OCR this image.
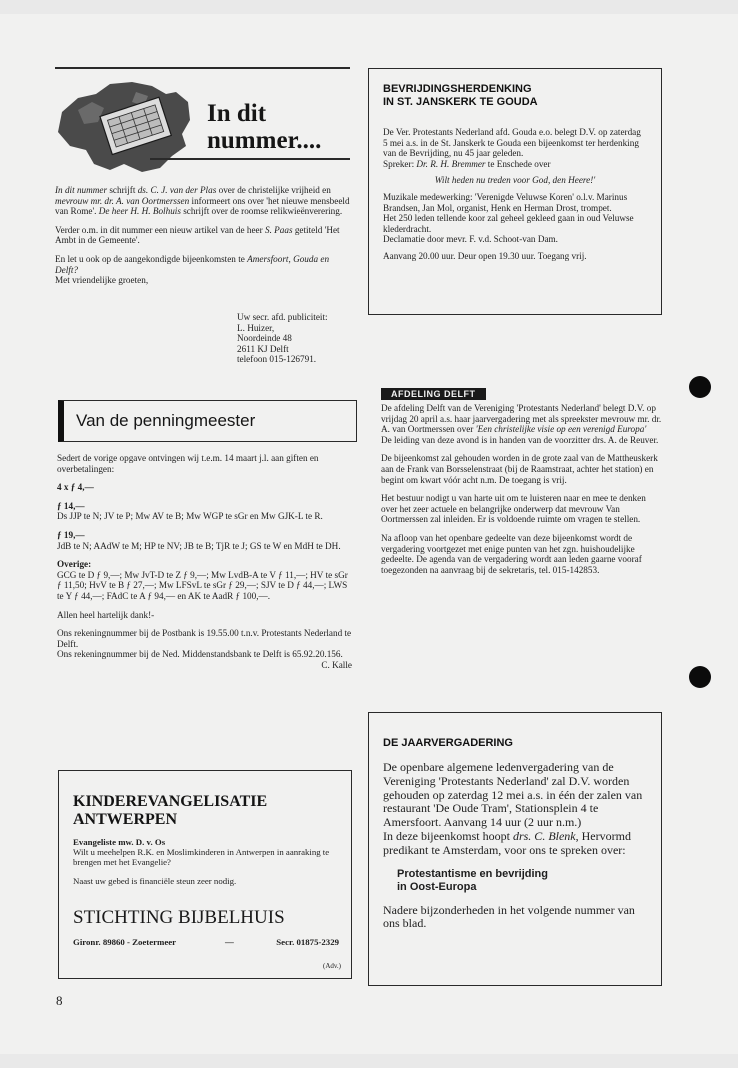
In dit
nummer....

In dit nummer schrijft ds. C. J. van der Plas over de christelijke vrijheid en mevrouw mr. dr. A. van Oortmerssen informeert ons over 'het nieuwe mensbeeld van Rome'. De heer H. H. Bolhuis schrijft over de roomse relikwieënverering.

Verder o.m. in dit nummer een nieuw artikel van de heer S. Paas getiteld 'Het Ambt in de Gemeente'.

En let u ook op de aangekondigde bijeenkomsten te Amersfoort, Gouda en Delft?
Met vriendelijke groeten,

Uw secr. afd. publiciteit:
L. Huizer,
Noordeinde 48
2611 KJ Delft
telefoon 015-126791.
BEVRIJDINGSHERDENKING
IN ST. JANSKERK TE GOUDA

De Ver. Protestants Nederland afd. Gouda e.o. belegt D.V. op zaterdag 5 mei a.s. in de St. Janskerk te Gouda een bijeenkomst ter herdenking van de Bevrijding, nu 45 jaar geleden.

Spreker: Dr. R. H. Bremmer te Enschede over

Wilt heden nu treden voor God, den Heere!'

Muzikale medewerking: 'Verenigde Veluwse Koren' o.l.v. Marinus Brandsen, Jan Mol, organist, Henk en Herman Drost, trompet.

Het 250 leden tellende koor zal geheel gekleed gaan in oud Veluwse klederdracht.

Declamatie door mevr. F. v.d. Schoot-van Dam.

Aanvang 20.00 uur. Deur open 19.30 uur. Toegang vrij.

Van de penningmeester

Sedert de vorige opgave ontvingen wij t.e.m. 14 maart j.l. aan giften en overbetalingen:

4 x ƒ 4,—

ƒ 14,—

Ds JJP te N; JV te P; Mw AV te B; Mw WGP te sGr en Mw GJK-L te R.

ƒ 19,—

JdB te N; AAdW te M; HP te NV; JB te B; TjR te J; GS te W en MdH te DH.

Overige:

GCG te D ƒ 9,—; Mw JvT-D te Z ƒ 9,—; Mw LvdB-A te V ƒ 11,—; HV te sGr ƒ 11,50; HvV te B ƒ 27,—; Mw LFSvL te sGr ƒ 29,—; SJV te D ƒ 44,—; LWS te Y ƒ 44,—; FAdC te A ƒ 94,— en AK te AadR ƒ 100,—.

Allen heel hartelijk dank!-

Ons rekeningnummer bij de Postbank is 19.55.00 t.n.v. Protestants Nederland te Delft.

Ons rekeningnummer bij de Ned. Middenstandsbank te Delft is 65.92.20.156.

C. Kalle

AFDELING DELFT

De afdeling Delft van de Vereniging 'Protestants Nederland' belegt D.V. op vrijdag 20 april a.s. haar jaarvergadering met als spreekster mevrouw mr. dr. A. van Oortmerssen over 'Een christelijke visie op een verenigd Europa'
De leiding van deze avond is in handen van de voorzitter drs. A. de Reuver.

De bijeenkomst zal gehouden worden in de grote zaal van de Mattheuskerk aan de Frank van Borsselenstraat (bij de Raamstraat, achter het station) en begint om kwart vóór acht n.m. De toegang is vrij.

Het bestuur nodigt u van harte uit om te luisteren naar en mee te denken over het zeer actuele en belangrijke onderwerp dat mevrouw Van Oortmerssen zal inleiden. Er is voldoende ruimte om vragen te stellen.

Na afloop van het openbare gedeelte van deze bijeenkomst wordt de vergadering voortgezet met enige punten van het zgn. huishoudelijke gedeelte. De agenda van de vergadering wordt aan leden gaarne vooraf toegezonden na aanvraag bij de sekretaris, tel. 015-142853.

KINDEREVANGELISATIE
ANTWERPEN

Evangeliste mw. D. v. Os

Wilt u meehelpen R.K. en Moslimkinderen in Antwerpen in aanraking te brengen met het Evangelie?

Naast uw gebed is financiële steun zeer nodig.

STICHTING BIJBELHUIS
Gironr. 89860 - Zoetermeer	—	Secr. 01875-2329
(Adv.)
DE JAARVERGADERING

De openbare algemene ledenvergadering van de Vereniging 'Protestants Nederland' zal D.V. worden gehouden op zaterdag 12 mei a.s. in één der zalen van restaurant 'De Oude Tram', Stationsplein 4 te Amersfoort. Aanvang 14 uur (2 uur n.m.)

In deze bijeenkomst hoopt drs. C. Blenk, Hervormd predikant te Amsterdam, voor ons te spreken over:

Protestantisme en bevrijding
in Oost-Europa

Nadere bijzonderheden in het volgende nummer van ons blad.

8
